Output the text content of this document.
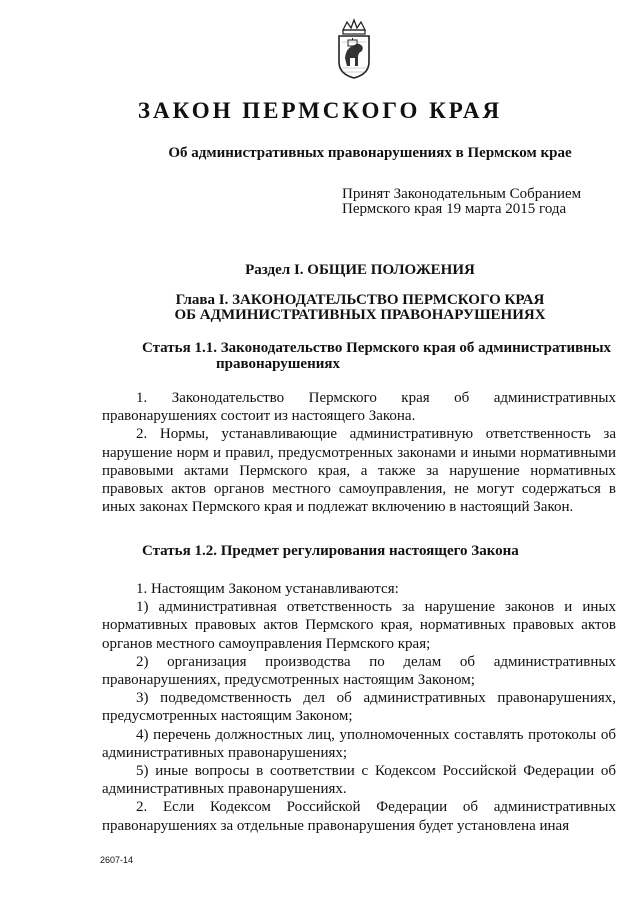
ЗАКОН ПЕРМСКОГО КРАЯ
Об административных правонарушениях в Пермском крае
Принят Законодательным Собранием
Пермского края 19 марта 2015 года
Раздел I. ОБЩИЕ ПОЛОЖЕНИЯ
Глава I. ЗАКОНОДАТЕЛЬСТВО ПЕРМСКОГО КРАЯ
ОБ АДМИНИСТРАТИВНЫХ ПРАВОНАРУШЕНИЯХ
Статья 1.1. Законодательство Пермского края об административных
правонарушениях

1. Законодательство Пермского края об административных правонарушениях состоит из настоящего Закона.

2. Нормы, устанавливающие административную ответственность за нарушение норм и правил, предусмотренных законами и иными нормативными правовыми актами Пермского края, а также за нарушение нормативных правовых актов органов местного самоуправления, не могут содержаться в иных законах Пермского края и подлежат включению в настоящий Закон.

Статья 1.2. Предмет регулирования настоящего Закона

1. Настоящим Законом устанавливаются:

1) административная ответственность за нарушение законов и иных нормативных правовых актов Пермского края, нормативных правовых актов органов местного самоуправления Пермского края;

2) организация производства по делам об административных правонарушениях, предусмотренных настоящим Законом;

3) подведомственность дел об административных правонарушениях, предусмотренных настоящим Законом;

4) перечень должностных лиц, уполномоченных составлять протоколы об административных правонарушениях;

5) иные вопросы в соответствии с Кодексом Российской Федерации об административных правонарушениях.

2. Если Кодексом Российской Федерации об административных правонарушениях за отдельные правонарушения будет установлена иная

2607-14
